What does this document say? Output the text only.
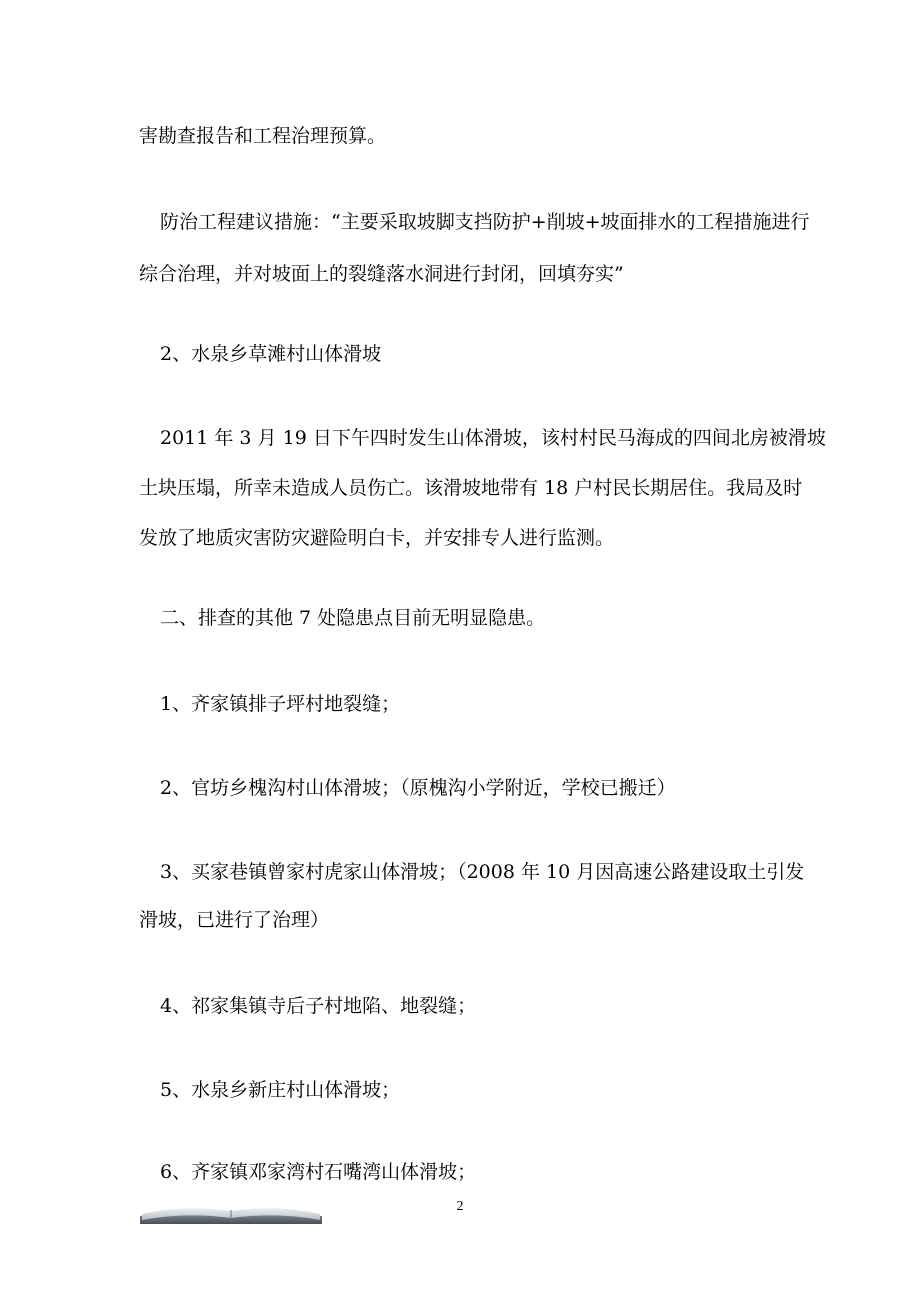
害勘查报告和工程治理预算。
防治工程建议措施：“主要采取坡脚支挡防护+削坡+坡面排水的工程措施进行
综合治理，并对坡面上的裂缝落水洞进行封闭，回填夯实”
2、水泉乡草滩村山体滑坡
2011 年 3 月 19 日下午四时发生山体滑坡，该村村民马海成的四间北房被滑坡
土块压塌，所幸未造成人员伤亡。该滑坡地带有 18 户村民长期居住。我局及时
发放了地质灾害防灾避险明白卡，并安排专人进行监测。
二、排查的其他 7 处隐患点目前无明显隐患。
1、齐家镇排子坪村地裂缝；
2、官坊乡槐沟村山体滑坡；（原槐沟小学附近，学校已搬迁）
3、买家巷镇曾家村虎家山体滑坡；（2008 年 10 月因高速公路建设取土引发
滑坡，已进行了治理）
4、祁家集镇寺后子村地陷、地裂缝；
5、水泉乡新庄村山体滑坡；
6、齐家镇邓家湾村石嘴湾山体滑坡；
2
